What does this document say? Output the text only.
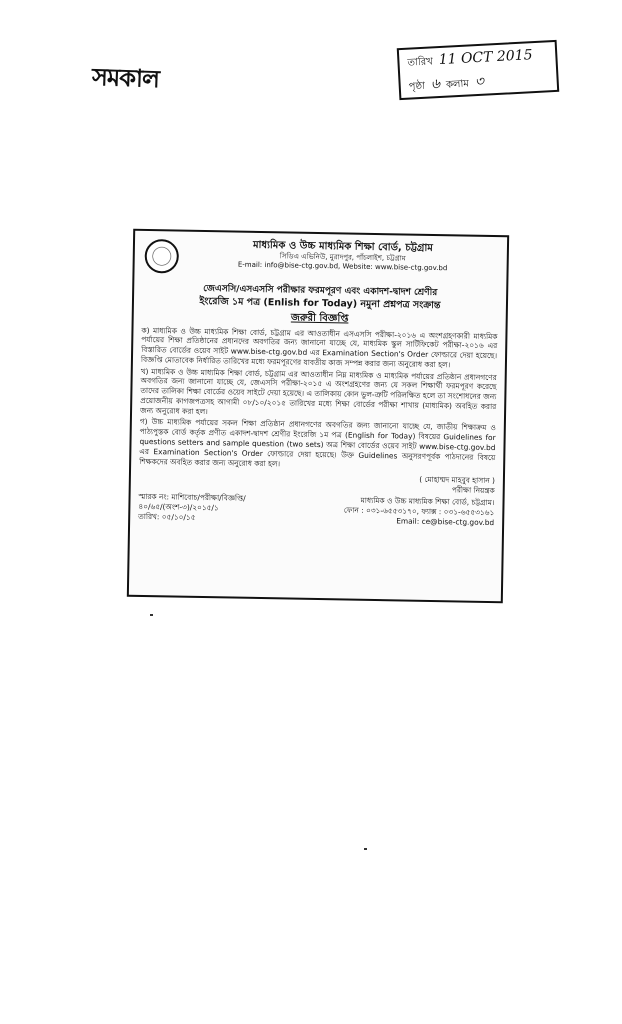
সমকাল	তারিখ 11 OCT 2015
পৃষ্ঠা ৬ কলাম ৩
মাধ্যমিক ও উচ্চ মাধ্যমিক শিক্ষা বোর্ড, চট্টগ্রাম
সিডিএ এভিনিউ, মুরাদপুর, পাঁচলাইশ, চট্টগ্রাম
E-mail: info@bise-ctg.gov.bd, Website: www.bise-ctg.gov.bd
জেএসসি/এসএসসি পরীক্ষার ফরমপূরণ এবং একাদশ-দ্বাদশ শ্রেণীর
ইংরেজি ১ম পত্র (Enlish for Today) নমুনা প্রশ্নপত্র সংক্রান্ত
জরুরী বিজ্ঞপ্তি
ক) মাধ্যমিক ও উচ্চ মাধ্যমিক শিক্ষা বোর্ড, চট্টগ্রাম এর আওতাধীন এসএসসি পরীক্ষা-২০১৬ এ অংশগ্রহণকারী মাধ্যমিক পর্যায়ের শিক্ষা প্রতিষ্ঠানের প্রধানদের অবগতির জন্য জানানো যাচ্ছে যে, মাধ্যমিক স্কুল সার্টিফিকেট পরীক্ষা-২০১৬ এর বিস্তারিত বোর্ডের ওয়েব সাইট www.bise-ctg.gov.bd এর Examination Section's Order ফোল্ডারে দেয়া হয়েছে। বিজ্ঞপ্তি মোতাবেক নির্ধারিত তারিখের মধ্যে ফরমপূরণের যাবতীয় কাজ সম্পন্ন করার জন্য অনুরোধ করা হল।
খ) মাধ্যমিক ও উচ্চ মাধ্যমিক শিক্ষা বোর্ড, চট্টগ্রাম এর আওতাধীন নিম্ন মাধ্যমিক ও মাধ্যমিক পর্যায়ের প্রতিষ্ঠান প্রধানগণের অবগতির জন্য জানানো যাচ্ছে যে, জেএসসি পরীক্ষা-২০১৫ এ অংশগ্রহণের জন্য যে সকল শিক্ষার্থী ফরমপূরণ করেছে তাদের তালিকা শিক্ষা বোর্ডের ওয়েব সাইটে দেয়া হয়েছে। এ তালিকায় কোন ভুল-ত্রুটি পরিলক্ষিত হলে তা সংশোধনের জন্য প্রয়োজনীয় কাগজপত্রসহ আগামী ০৮/১০/২০১৫ তারিখের মধ্যে শিক্ষা বোর্ডের পরীক্ষা শাখায় (মাধ্যমিক) অবহিত করার জন্য অনুরোধ করা হল।
গ) উচ্চ মাধ্যমিক পর্যায়ের সকল শিক্ষা প্রতিষ্ঠান প্রধানগণের অবগতির জন্য জানানো যাচ্ছে যে, জাতীয় শিক্ষাক্রম ও পাঠ্যপুস্তক বোর্ড কর্তৃক প্রণীত একাদশ-দ্বাদশ শ্রেণীর ইংরেজি ১ম পত্র (English for Today) বিষয়ের Guidelines for questions setters and sample question (two sets) অত্র শিক্ষা বোর্ডের ওয়েব সাইট www.bise-ctg.gov.bd এর Examination Section's Order ফোল্ডারে দেয়া হয়েছে। উক্ত Guidelines অনুসরণপূর্বক পাঠদানের বিষয়ে শিক্ষকদের অবহিত করার জন্য অনুরোধ করা হল।
( মোহাম্মদ মাহবুব হাসান )
পরীক্ষা নিয়ন্ত্রক
স্মারক নং: মাশিবোচ/পরীক্ষা/বিজ্ঞপ্তি/
৪০/৬৫/(অংশ-৩)/২০১৫/১
তারিখ: ০৫/১০/১৫
মাধ্যমিক ও উচ্চ মাধ্যমিক শিক্ষা বোর্ড, চট্টগ্রাম।
ফোন : ০৩১-৬৫৫৩১৭০, ফ্যাক্স : ০৩১-৬৫৫৩১৬১
Email: ce@bise-ctg.gov.bd
